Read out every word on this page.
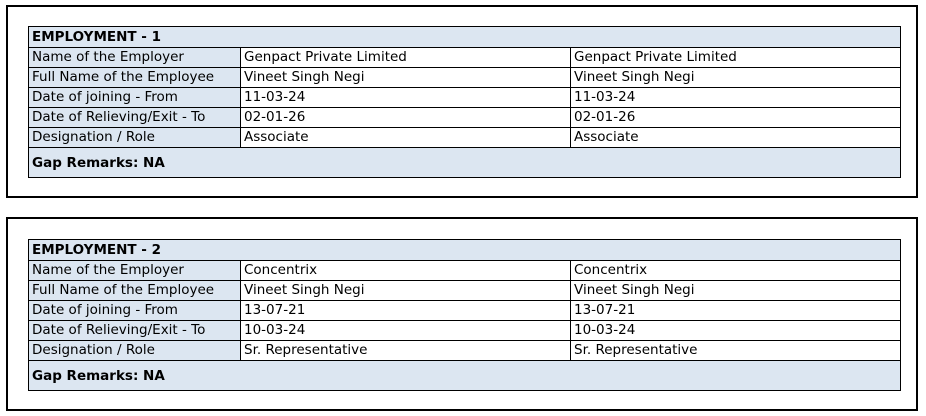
EMPLOYMENT - 1		
Name of the Employer	Genpact Private Limited	Genpact Private Limited
Full Name of the Employee	Vineet Singh Negi	Vineet Singh Negi
Date of joining - From	11-03-24	11-03-24
Date of Relieving/Exit - To	02-01-26	02-01-26
Designation / Role	Associate	Associate
Gap Remarks: NA		
EMPLOYMENT - 2		
Name of the Employer	Concentrix	Concentrix
Full Name of the Employee	Vineet Singh Negi	Vineet Singh Negi
Date of joining - From	13-07-21	13-07-21
Date of Relieving/Exit - To	10-03-24	10-03-24
Designation / Role	Sr. Representative	Sr. Representative
Gap Remarks: NA		
